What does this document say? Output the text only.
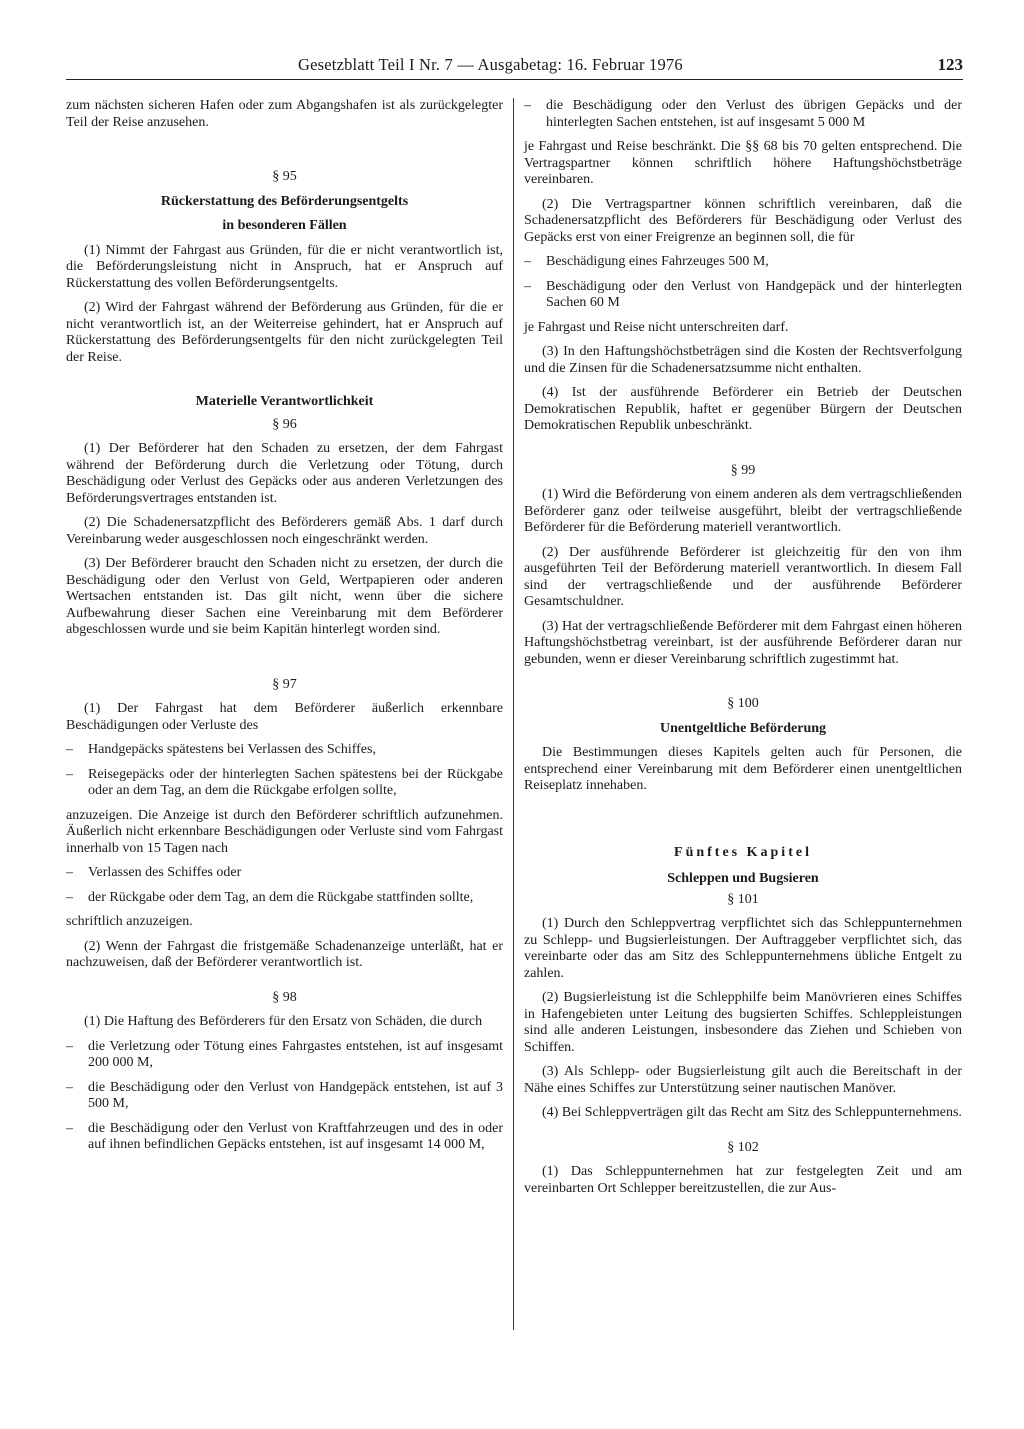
Gesetzblatt Teil I Nr. 7 — Ausgabetag: 16. Februar 1976	123

zum nächsten sicheren Hafen oder zum Abgangshafen ist als zurückgelegter Teil der Reise anzusehen.

§ 95

Rückerstattung des Beförderungsentgelts

in besonderen Fällen

(1) Nimmt der Fahrgast aus Gründen, für die er nicht verantwortlich ist, die Beförderungsleistung nicht in Anspruch, hat er Anspruch auf Rückerstattung des vollen Beförderungsentgelts.

(2) Wird der Fahrgast während der Beförderung aus Gründen, für die er nicht verantwortlich ist, an der Weiterreise gehindert, hat er Anspruch auf Rückerstattung des Beförderungsentgelts für den nicht zurückgelegten Teil der Reise.

Materielle Verantwortlichkeit

§ 96

(1) Der Beförderer hat den Schaden zu ersetzen, der dem Fahrgast während der Beförderung durch die Verletzung oder Tötung, durch Beschädigung oder Verlust des Gepäcks oder aus anderen Verletzungen des Beförderungsvertrages entstanden ist.

(2) Die Schadenersatzpflicht des Beförderers gemäß Abs. 1 darf durch Vereinbarung weder ausgeschlossen noch eingeschränkt werden.

(3) Der Beförderer braucht den Schaden nicht zu ersetzen, der durch die Beschädigung oder den Verlust von Geld, Wertpapieren oder anderen Wertsachen entstanden ist. Das gilt nicht, wenn über die sichere Aufbewahrung dieser Sachen eine Vereinbarung mit dem Beförderer abgeschlossen wurde und sie beim Kapitän hinterlegt worden sind.

§ 97

(1) Der Fahrgast hat dem Beförderer äußerlich erkennbare Beschädigungen oder Verluste des

–	Handgepäcks spätestens bei Verlassen des Schiffes,
–	Reisegepäcks oder der hinterlegten Sachen spätestens bei der Rückgabe oder an dem Tag, an dem die Rückgabe erfolgen sollte,

anzuzeigen. Die Anzeige ist durch den Beförderer schriftlich aufzunehmen. Äußerlich nicht erkennbare Beschädigungen oder Verluste sind vom Fahrgast innerhalb von 15 Tagen nach

–	Verlassen des Schiffes oder
–	der Rückgabe oder dem Tag, an dem die Rückgabe stattfinden sollte,

schriftlich anzuzeigen.

(2) Wenn der Fahrgast die fristgemäße Schadenanzeige unterläßt, hat er nachzuweisen, daß der Beförderer verantwortlich ist.

§ 98

(1) Die Haftung des Beförderers für den Ersatz von Schäden, die durch

–	die Verletzung oder Tötung eines Fahrgastes entstehen, ist auf insgesamt 200 000 M,
–	die Beschädigung oder den Verlust von Handgepäck entstehen, ist auf 3 500 M,
–	die Beschädigung oder den Verlust von Kraftfahrzeugen und des in oder auf ihnen befindlichen Gepäcks entstehen, ist auf insgesamt 14 000 M,
–	die Beschädigung oder den Verlust des übrigen Gepäcks und der hinterlegten Sachen entstehen, ist auf insgesamt 5 000 M

je Fahrgast und Reise beschränkt. Die §§ 68 bis 70 gelten entsprechend. Die Vertragspartner können schriftlich höhere Haftungshöchstbeträge vereinbaren.

(2) Die Vertragspartner können schriftlich vereinbaren, daß die Schadenersatzpflicht des Beförderers für Beschädigung oder Verlust des Gepäcks erst von einer Freigrenze an beginnen soll, die für

–	Beschädigung eines Fahrzeuges 500 M,
–	Beschädigung oder den Verlust von Handgepäck und der hinterlegten Sachen 60 M

je Fahrgast und Reise nicht unterschreiten darf.

(3) In den Haftungshöchstbeträgen sind die Kosten der Rechtsverfolgung und die Zinsen für die Schadenersatzsumme nicht enthalten.

(4) Ist der ausführende Beförderer ein Betrieb der Deutschen Demokratischen Republik, haftet er gegenüber Bürgern der Deutschen Demokratischen Republik unbeschränkt.

§ 99

(1) Wird die Beförderung von einem anderen als dem vertragschließenden Beförderer ganz oder teilweise ausgeführt, bleibt der vertragschließende Beförderer für die Beförderung materiell verantwortlich.

(2) Der ausführende Beförderer ist gleichzeitig für den von ihm ausgeführten Teil der Beförderung materiell verantwortlich. In diesem Fall sind der vertragschließende und der ausführende Beförderer Gesamtschuldner.

(3) Hat der vertragschließende Beförderer mit dem Fahrgast einen höheren Haftungshöchstbetrag vereinbart, ist der ausführende Beförderer daran nur gebunden, wenn er dieser Vereinbarung schriftlich zugestimmt hat.

§ 100

Unentgeltliche Beförderung

Die Bestimmungen dieses Kapitels gelten auch für Personen, die entsprechend einer Vereinbarung mit dem Beförderer einen unentgeltlichen Reiseplatz innehaben.

Fünftes Kapitel

Schleppen und Bugsieren

§ 101

(1) Durch den Schleppvertrag verpflichtet sich das Schleppunternehmen zu Schlepp- und Bugsierleistungen. Der Auftraggeber verpflichtet sich, das vereinbarte oder das am Sitz des Schleppunternehmens übliche Entgelt zu zahlen.

(2) Bugsierleistung ist die Schlepphilfe beim Manövrieren eines Schiffes in Hafengebieten unter Leitung des bugsierten Schiffes. Schleppleistungen sind alle anderen Leistungen, insbesondere das Ziehen und Schieben von Schiffen.

(3) Als Schlepp- oder Bugsierleistung gilt auch die Bereitschaft in der Nähe eines Schiffes zur Unterstützung seiner nautischen Manöver.

(4) Bei Schleppverträgen gilt das Recht am Sitz des Schleppunternehmens.

§ 102

(1) Das Schleppunternehmen hat zur festgelegten Zeit und am vereinbarten Ort Schlepper bereitzustellen, die zur Aus-
